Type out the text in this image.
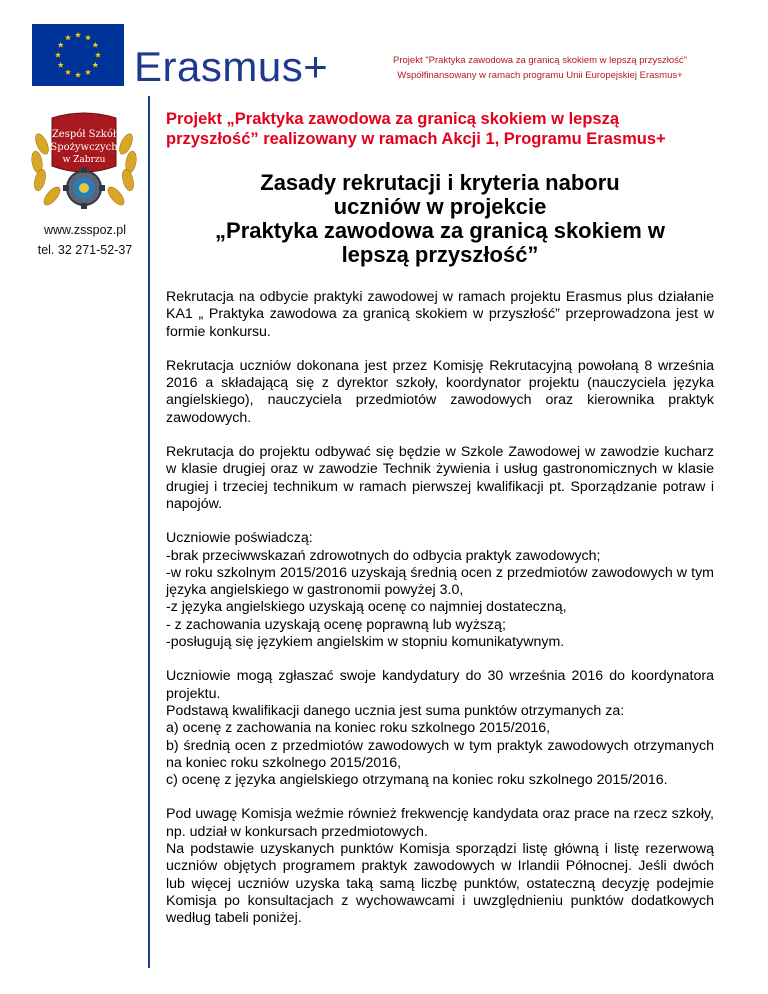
Erasmus+	Projekt "Praktyka zawodowa za granicą skokiem w lepszą przyszłość"
Współfinansowany w ramach programu Unii Europejskiej Erasmus+
Zespół Szkół
Spożywczych
w Zabrzu
www.zsspoz.pl
tel. 32 271-52-37
Projekt „Praktyka zawodowa za granicą skokiem w lepszą
przyszłość” realizowany w ramach Akcji 1, Programu Erasmus+
Zasady rekrutacji i kryteria naboru
uczniów w projekcie
„Praktyka zawodowa za granicą skokiem w
lepszą przyszłość”

Rekrutacja na odbycie praktyki zawodowej w ramach projektu Erasmus plus działanie KA1 „ Praktyka zawodowa za granicą skokiem w przyszłość” przeprowadzona jest w formie konkursu.

Rekrutacja uczniów dokonana jest przez Komisję Rekrutacyjną powołaną 8 września 2016 a składającą się z dyrektor szkoły, koordynator projektu (nauczyciela języka angielskiego), nauczyciela przedmiotów zawodowych oraz kierownika praktyk zawodowych.

Rekrutacja do projektu odbywać się będzie w Szkole Zawodowej w zawodzie kucharz w klasie drugiej oraz w zawodzie Technik żywienia i usług gastronomicznych w klasie drugiej i trzeciej technikum w ramach pierwszej kwalifikacji pt. Sporządzanie potraw i napojów.

Uczniowie poświadczą:
-brak przeciwwskazań zdrowotnych do odbycia praktyk zawodowych;
-w roku szkolnym 2015/2016 uzyskają średnią ocen z przedmiotów zawodowych w tym języka angielskiego w gastronomii powyżej 3.0,
-z języka angielskiego uzyskają ocenę co najmniej dostateczną,
- z zachowania uzyskają ocenę poprawną lub wyższą;
-posługują się językiem angielskim w stopniu komunikatywnym.

Uczniowie mogą zgłaszać swoje kandydatury do 30 września 2016 do koordynatora projektu.
Podstawą kwalifikacji danego ucznia jest suma punktów otrzymanych za:
a) ocenę z zachowania na koniec roku szkolnego 2015/2016,
b) średnią ocen z przedmiotów zawodowych w tym praktyk zawodowych otrzymanych na koniec roku szkolnego 2015/2016,
c) ocenę z języka angielskiego otrzymaną na koniec roku szkolnego 2015/2016.

Pod uwagę Komisja weźmie również frekwencję kandydata oraz prace na rzecz szkoły, np. udział w konkursach przedmiotowych.
Na podstawie uzyskanych punktów Komisja sporządzi listę główną i listę rezerwową uczniów objętych programem praktyk zawodowych w Irlandii Północnej. Jeśli dwóch lub więcej uczniów uzyska taką samą liczbę punktów, ostateczną decyzję podejmie Komisja po konsultacjach z wychowawcami i uwzględnieniu punktów dodatkowych według tabeli poniżej.
